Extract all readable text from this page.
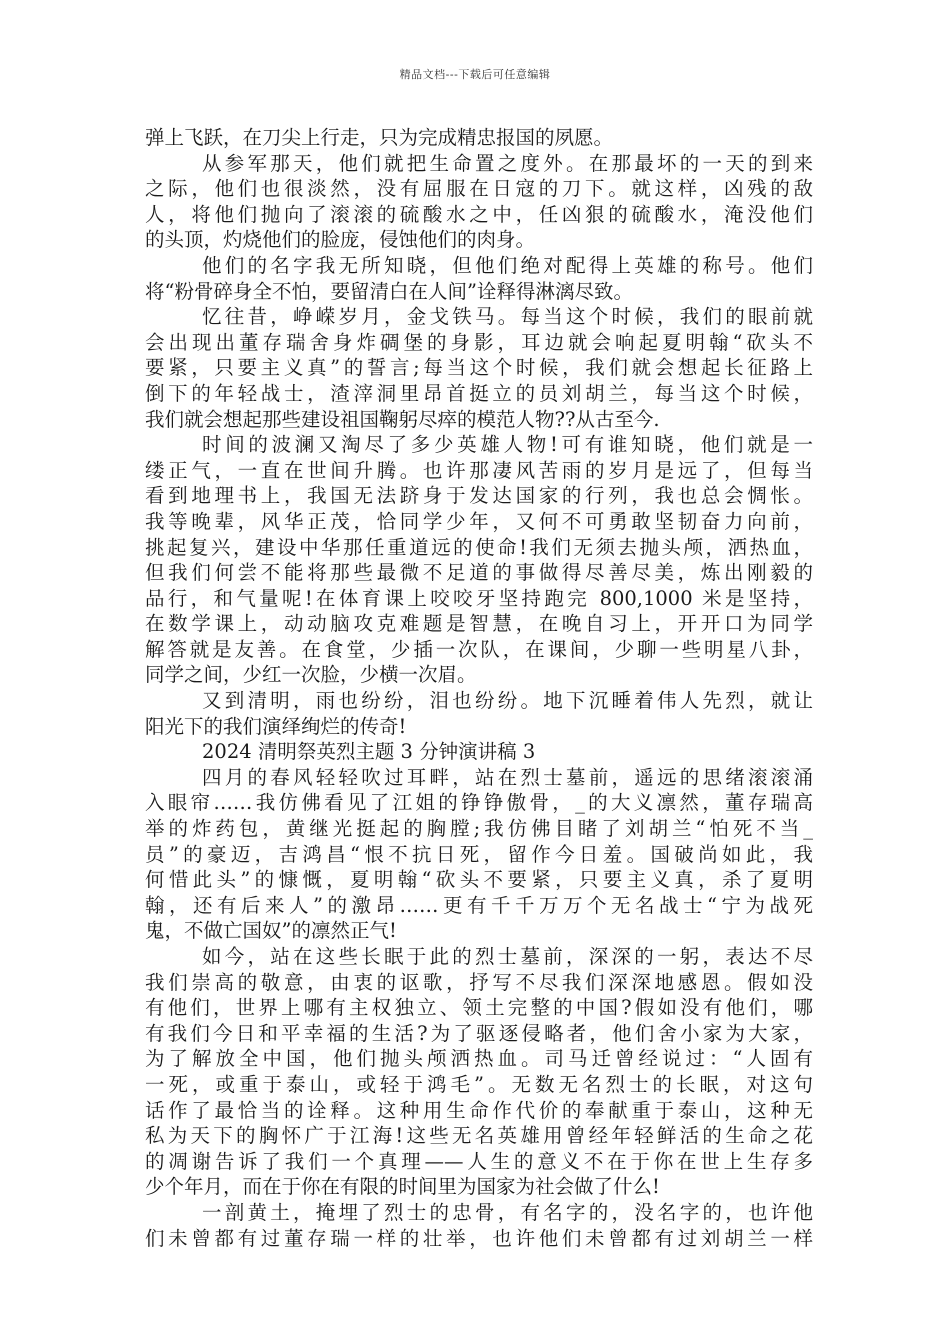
精品文档---下载后可任意编辑
弹上飞跃，在刀尖上行走，只为完成精忠报国的夙愿。
从参军那天，他们就把生命置之度外。在那最坏的一天的到来
之际，他们也很淡然，没有屈服在日寇的刀下。就这样，凶残的敌
人，将他们抛向了滚滚的硫酸水之中，任凶狠的硫酸水，淹没他们
的头顶，灼烧他们的脸庞，侵蚀他们的肉身。
他们的名字我无所知晓，但他们绝对配得上英雄的称号。他们
将“粉骨碎身全不怕，要留清白在人间”诠释得淋漓尽致。
忆往昔，峥嵘岁月，金戈铁马。每当这个时候，我们的眼前就
会出现出董存瑞舍身炸碉堡的身影，耳边就会响起夏明翰“砍头不
要紧，只要主义真”的誓言;每当这个时候，我们就会想起长征路上
倒下的年轻战士，渣滓洞里昂首挺立的员刘胡兰，每当这个时候，
我们就会想起那些建设祖国鞠躬尽瘁的模范人物??从古至今.
时间的波澜又淘尽了多少英雄人物!可有谁知晓，他们就是一
缕正气，一直在世间升腾。也许那凄风苦雨的岁月是远了，但每当
看到地理书上，我国无法跻身于发达国家的行列，我也总会惆怅。
我等晚辈，风华正茂，恰同学少年，又何不可勇敢坚韧奋力向前，
挑起复兴，建设中华那任重道远的使命!我们无须去抛头颅，洒热血，
但我们何尝不能将那些最微不足道的事做得尽善尽美，炼出刚毅的
品行，和气量呢!在体育课上咬咬牙坚持跑完 800,1000 米是坚持，
在数学课上，动动脑攻克难题是智慧，在晚自习上，开开口为同学
解答就是友善。在食堂，少插一次队，在课间，少聊一些明星八卦，
同学之间，少红一次脸，少横一次眉。
又到清明，雨也纷纷，泪也纷纷。地下沉睡着伟人先烈，就让
阳光下的我们演绎绚烂的传奇!
2024 清明祭英烈主题 3 分钟演讲稿 3
四月的春风轻轻吹过耳畔，站在烈士墓前，遥远的思绪滚滚涌
入眼帘……我仿佛看见了江姐的铮铮傲骨，_的大义凛然，董存瑞高
举的炸药包，黄继光挺起的胸膛;我仿佛目睹了刘胡兰“怕死不当_
员”的豪迈，吉鸿昌“恨不抗日死，留作今日羞。国破尚如此，我
何惜此头”的慷慨，夏明翰“砍头不要紧，只要主义真，杀了夏明
翰，还有后来人”的激昂……更有千千万万个无名战士“宁为战死
鬼，不做亡国奴”的凛然正气!
如今，站在这些长眠于此的烈士墓前，深深的一躬，表达不尽
我们崇高的敬意，由衷的讴歌，抒写不尽我们深深地感恩。假如没
有他们，世界上哪有主权独立、领土完整的中国?假如没有他们，哪
有我们今日和平幸福的生活?为了驱逐侵略者，他们舍小家为大家，
为了解放全中国，他们抛头颅洒热血。司马迁曾经说过：“人固有
一死，或重于泰山，或轻于鸿毛”。无数无名烈士的长眠，对这句
话作了最恰当的诠释。这种用生命作代价的奉献重于泰山，这种无
私为天下的胸怀广于江海!这些无名英雄用曾经年轻鲜活的生命之花
的凋谢告诉了我们一个真理——人生的意义不在于你在世上生存多
少个年月，而在于你在有限的时间里为国家为社会做了什么!
一剖黄土，掩埋了烈士的忠骨，有名字的，没名字的，也许他
们未曾都有过董存瑞一样的壮举，也许他们未曾都有过刘胡兰一样
